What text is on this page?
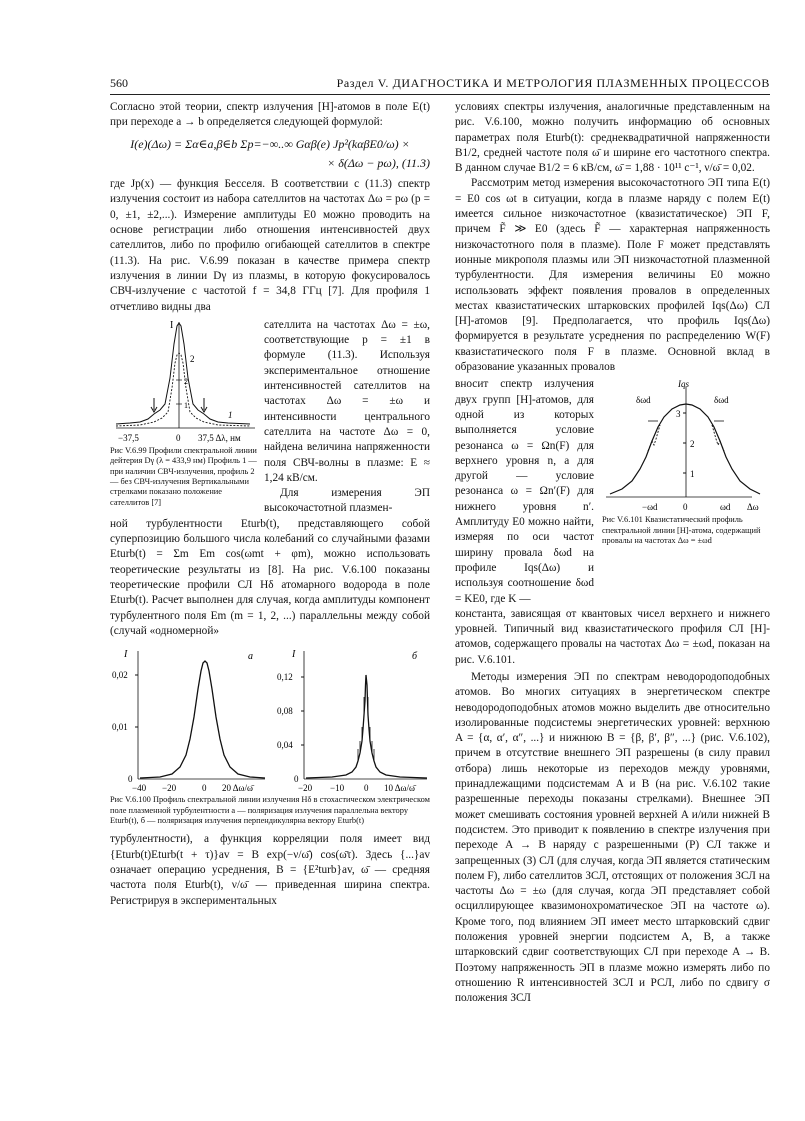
560	Раздел V. ДИАГНОСТИКА И МЕТРОЛОГИЯ ПЛАЗМЕННЫХ ПРОЦЕССОВ

Согласно этой теории, спектр излучения [H]-атомов в поле E(t) при переходе a → b определяется следующей формулой:

I(e)(Δω) = Σα∈a,β∈b Σp=−∞..∞ Gαβ(e) Jp²(kαβE0/ω) ×

× δ(Δω − pω), (11.3)

где Jp(x) — функция Бесселя. В соответствии с (11.3) спектр излучения состоит из набора сателлитов на частотах Δω = pω (p = 0, ±1, ±2,...). Измерение амплитуды E0 можно проводить на основе регистрации либо отношения интенсивностей двух сателлитов, либо по профилю огибающей сателлитов в спектре (11.3). На рис. V.6.99 показан в качестве примера спектр излучения в линии Dγ из плазмы, в которую фокусировалось СВЧ-излучение с частотой f = 34,8 ГГц [7]. Для профиля 1 отчетливо видны два

I
2
1
2
1
−37,5	0 37,5 Δλ, нм

Рис V.6.99 Профили спектральной линии дейтерия Dγ (λ = 433,9 нм) Профиль 1 — при наличии СВЧ-излучения, профиль 2 — без СВЧ-излучения Вертикальными стрелками показано положение сателлитов [7]

сателлита на частотах Δω = ±ω, соответствующие p = ±1 в формуле (11.3). Используя экспериментальное отношение интенсивностей сателлитов на частотах Δω = ±ω и интенсивности центрального сателлита на частоте Δω = 0, найдена величина напряженности поля СВЧ-волны в плазме: E ≈ 1,24 кВ/см.

Для измерения ЭП высокочастотной плазмен-

ной турбулентности Eturb(t), представляющего собой суперпозицию большого числа колебаний со случайными фазами Eturb(t) = Σm Em cos(ωmt + φm), можно использовать теоретические результаты из [8]. На рис. V.6.100 показаны теоретические профили СЛ Hδ атомарного водорода в поле Eturb(t). Расчет выполнен для случая, когда амплитуды компонент турбулентного поля Em (m = 1, 2, ...) параллельны между собой (случай «одномерной»

I	а
0,02
0,01
0
−40 −20	0 20 Δω/ω̄
I	б
0,12
0,08
0,04
0
−20 −10 0 10 Δω/ω̄

Рис V.6.100 Профиль спектральной линии излучения Hδ в стохастическом электрическом поле плазменной турбулентности а — поляризация излучения параллельна вектору Eturb(t), б — поляризация излучения перпендикулярна вектору Eturb(t)

турбулентности), а функция корреляции поля имеет вид {Eturb(t)Eturb(t + τ)}av = B exp(−ν/ω̄) cos(ω̄τ). Здесь {...}av означает операцию усреднения, B = {E²turb}av, ω̄ — средняя частота поля Eturb(t), ν/ω̄ — приведенная ширина спектра. Регистрируя в экспериментальных

условиях спектры излучения, аналогичные представленным на рис. V.6.100, можно получить информацию об основных параметрах поля Eturb(t): среднеквадратичной напряженности B1/2, средней частоте поля ω̄ и ширине его частотного спектра. В данном случае B1/2 = 6 кВ/см, ω̄ = 1,88 · 10¹¹ с⁻¹, ν/ω̄ = 0,02.

Рассмотрим метод измерения высокочастотного ЭП типа E(t) = E0 cos ωt в ситуации, когда в плазме наряду с полем E(t) имеется сильное низкочастотное (квазистатическое) ЭП F, причем F̃ ≫ E0 (здесь F̃ — характерная напряженность низкочастотного поля в плазме). Поле F может представлять ионные микрополя плазмы или ЭП низкочастотной плазменной турбулентности. Для измерения величины E0 можно использовать эффект появления провалов в определенных местах квазистатических штарковских профилей Iqs(Δω) СЛ [H]-атомов [9]. Предполагается, что профиль Iqs(Δω) формируется в результате усреднения по распределению W(F) квазистатического поля F в плазме. Основной вклад в образование указанных провалов

вносит спектр излучения двух групп [H]-атомов, для одной из которых выполняется условие резонанса ω = Ωn(F) для верхнего уровня n, а для другой — условие резонанса ω = Ωn′(F) для нижнего уровня n′. Амплитуду E0 можно найти, измеряя по оси частот ширину провала δωd на профиле Iqs(Δω) и используя соотношение δωd = KE0, где K —

Iqs
δωd	δωd
3
2
1
−ωd	0	ωd Δω

Рис V.6.101 Квазистатический профиль спектральной линии [H]-атома, содержащий провалы на частотах Δω = ±ωd

константа, зависящая от квантовых чисел верхнего и нижнего уровней. Типичный вид квазистатического профиля СЛ [H]-атомов, содержащего провалы на частотах Δω = ±ωd, показан на рис. V.6.101.

Методы измерения ЭП по спектрам неводородоподобных атомов. Во многих ситуациях в энергетическом спектре неводородоподобных атомов можно выделить две относительно изолированные подсистемы энергетических уровней: верхнюю A = {α, α′, α″, ...} и нижнюю B = {β, β′, β″, ...} (рис. V.6.102), причем в отсутствие внешнего ЭП разрешены (в силу правил отбора) лишь некоторые из переходов между уровнями, принадлежащими подсистемам A и B (на рис. V.6.102 такие разрешенные переходы показаны стрелками). Внешнее ЭП может смешивать состояния уровней верхней A и/или нижней B подсистем. Это приводит к появлению в спектре излучения при переходе A → B наряду с разрешенными (Р) СЛ также и запрещенных (З) СЛ (для случая, когда ЭП является статическим полем F), либо сателлитов ЗСЛ, отстоящих от положения ЗСЛ на частоты Δω = ±ω (для случая, когда ЭП представляет собой осциллирующее квазимонохроматическое ЭП на частоте ω). Кроме того, под влиянием ЭП имеет место штарковский сдвиг положения уровней энергии подсистем A, B, а также штарковский сдвиг соответствующих СЛ при переходе A → B. Поэтому напряженность ЭП в плазме можно измерять либо по отношению R интенсивностей ЗСЛ и РСЛ, либо по сдвигу σ положения ЗСЛ
